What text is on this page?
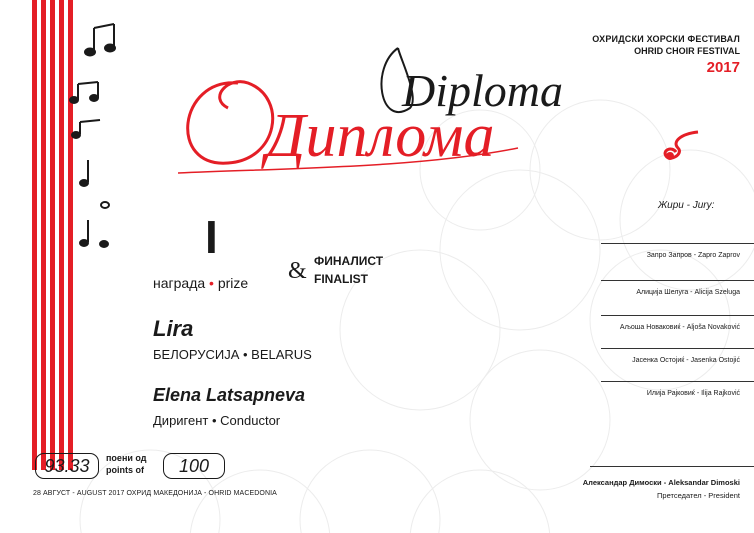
Diploma
Диплома
ОХРИДСКИ ХОРСКИ ФЕСТИВАЛ
OHRID CHOIR FESTIVAL
2017
I
награда • prize & ФИНАЛИСТ
FINALIST
Lira
БЕЛОРУСИЈА • BELARUS
Elena Latsapneva
Диригент • Conductor
93.33	поени од
points of	100
28 АВГУСТ - AUGUST 2017 ОХРИД МАКЕДОНИЈА - OHRID MACEDONIA
Жири - Jury:
Запро Запров - Zapro Zaprov
Алиција Шелуга - Alicija Szeluga
Аљоша Новаковиќ - Aljoša Novaković
Јасенка Остојиќ - Jasenka Ostojić
Илија Рајковиќ - Ilija Rajković
Александар Димоски - Aleksandar Dimoski
Претседател - President
